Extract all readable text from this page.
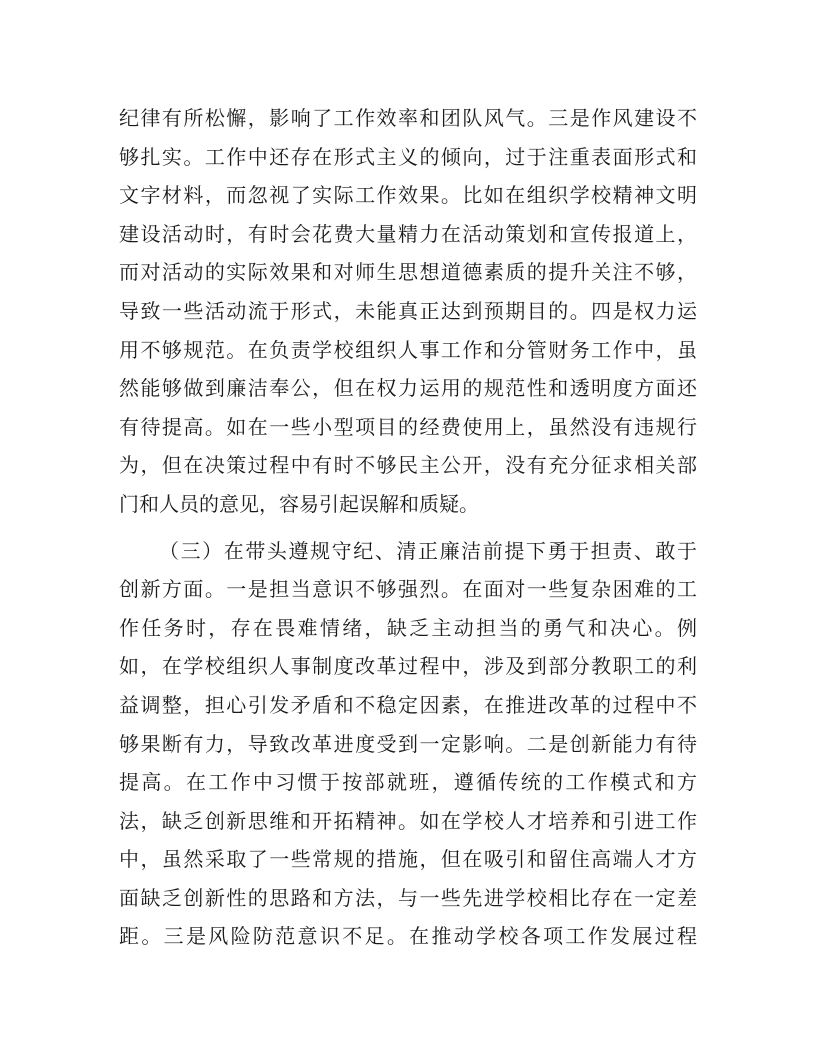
纪律有所松懈，影响了工作效率和团队风气。三是作风建设不
够扎实。工作中还存在形式主义的倾向，过于注重表面形式和
文字材料，而忽视了实际工作效果。比如在组织学校精神文明
建设活动时，有时会花费大量精力在活动策划和宣传报道上，
而对活动的实际效果和对师生思想道德素质的提升关注不够，
导致一些活动流于形式，未能真正达到预期目的。四是权力运
用不够规范。在负责学校组织人事工作和分管财务工作中，虽
然能够做到廉洁奉公，但在权力运用的规范性和透明度方面还
有待提高。如在一些小型项目的经费使用上，虽然没有违规行
为，但在决策过程中有时不够民主公开，没有充分征求相关部
门和人员的意见，容易引起误解和质疑。
（三）在带头遵规守纪、清正廉洁前提下勇于担责、敢于
创新方面。一是担当意识不够强烈。在面对一些复杂困难的工
作任务时，存在畏难情绪，缺乏主动担当的勇气和决心。例
如，在学校组织人事制度改革过程中，涉及到部分教职工的利
益调整，担心引发矛盾和不稳定因素，在推进改革的过程中不
够果断有力，导致改革进度受到一定影响。二是创新能力有待
提高。在工作中习惯于按部就班，遵循传统的工作模式和方
法，缺乏创新思维和开拓精神。如在学校人才培养和引进工作
中，虽然采取了一些常规的措施，但在吸引和留住高端人才方
面缺乏创新性的思路和方法，与一些先进学校相比存在一定差
距。三是风险防范意识不足。在推动学校各项工作发展过程
